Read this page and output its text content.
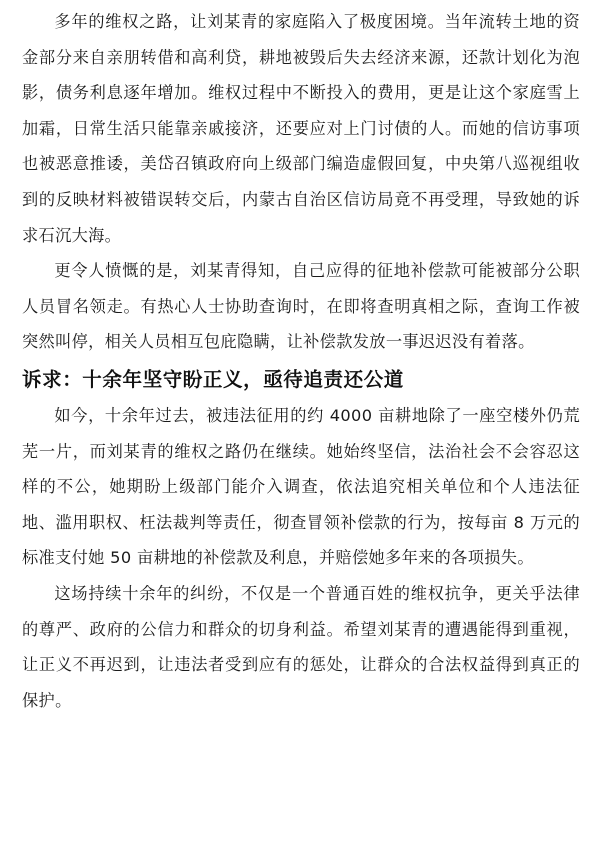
多年的维权之路，让刘某青的家庭陷入了极度困境。当年流转土地的资金部分来自亲朋转借和高利贷，耕地被毁后失去经济来源，还款计划化为泡影，债务利息逐年增加。维权过程中不断投入的费用，更是让这个家庭雪上加霜，日常生活只能靠亲戚接济，还要应对上门讨债的人。而她的信访事项也被恶意推诿，美岱召镇政府向上级部门编造虚假回复，中央第八巡视组收到的反映材料被错误转交后，内蒙古自治区信访局竟不再受理，导致她的诉求石沉大海。

更令人愤慨的是，刘某青得知，自己应得的征地补偿款可能被部分公职人员冒名领走。有热心人士协助查询时，在即将查明真相之际，查询工作被突然叫停，相关人员相互包庇隐瞒，让补偿款发放一事迟迟没有着落。

诉求：十余年坚守盼正义，亟待追责还公道

如今，十余年过去，被违法征用的约 4000 亩耕地除了一座空楼外仍荒芜一片，而刘某青的维权之路仍在继续。她始终坚信，法治社会不会容忍这样的不公，她期盼上级部门能介入调查，依法追究相关单位和个人违法征地、滥用职权、枉法裁判等责任，彻查冒领补偿款的行为，按每亩 8 万元的标准支付她 50 亩耕地的补偿款及利息，并赔偿她多年来的各项损失。

这场持续十余年的纠纷，不仅是一个普通百姓的维权抗争，更关乎法律的尊严、政府的公信力和群众的切身利益。希望刘某青的遭遇能得到重视，让正义不再迟到，让违法者受到应有的惩处，让群众的合法权益得到真正的保护。
